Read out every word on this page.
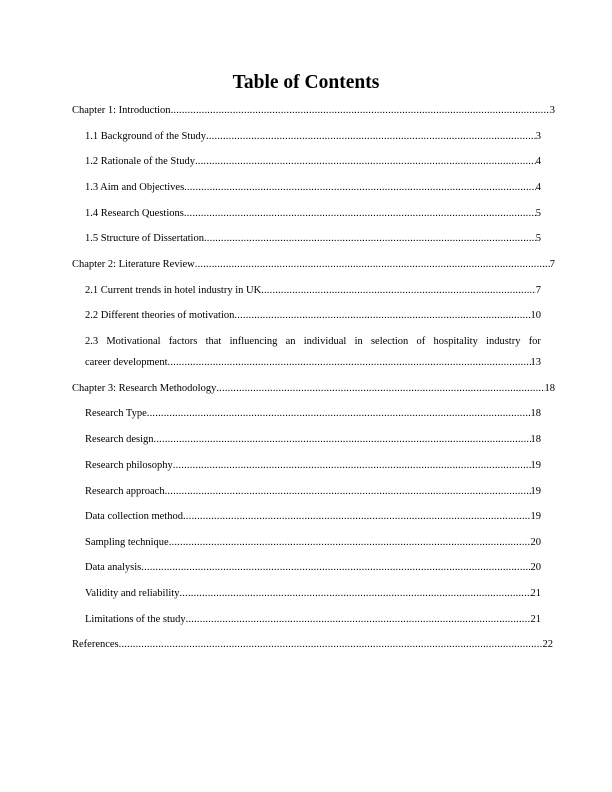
Table of Contents
Chapter 1: Introduction .....	3
1.1 Background of the Study .....	3
1.2 Rationale of the Study .....	4
1.3 Aim and Objectives .....	4
1.4 Research Questions .....	5
1.5 Structure of Dissertation .....	5
Chapter 2: Literature Review .....	7
2.1 Current trends in hotel industry in UK .....	7
2.2 Different theories of motivation .....	10
2.3 Motivational factors that influencing an individual in selection of hospitality industry for
career development .....	13
Chapter 3: Research Methodology .....	18
Research Type .....	18
Research design .....	18
Research philosophy .....	19
Research approach .....	19
Data collection method .....	19
Sampling technique .....	20
Data analysis .....	20
Validity and reliability .....	21
Limitations of the study .....	21
References .....	22
